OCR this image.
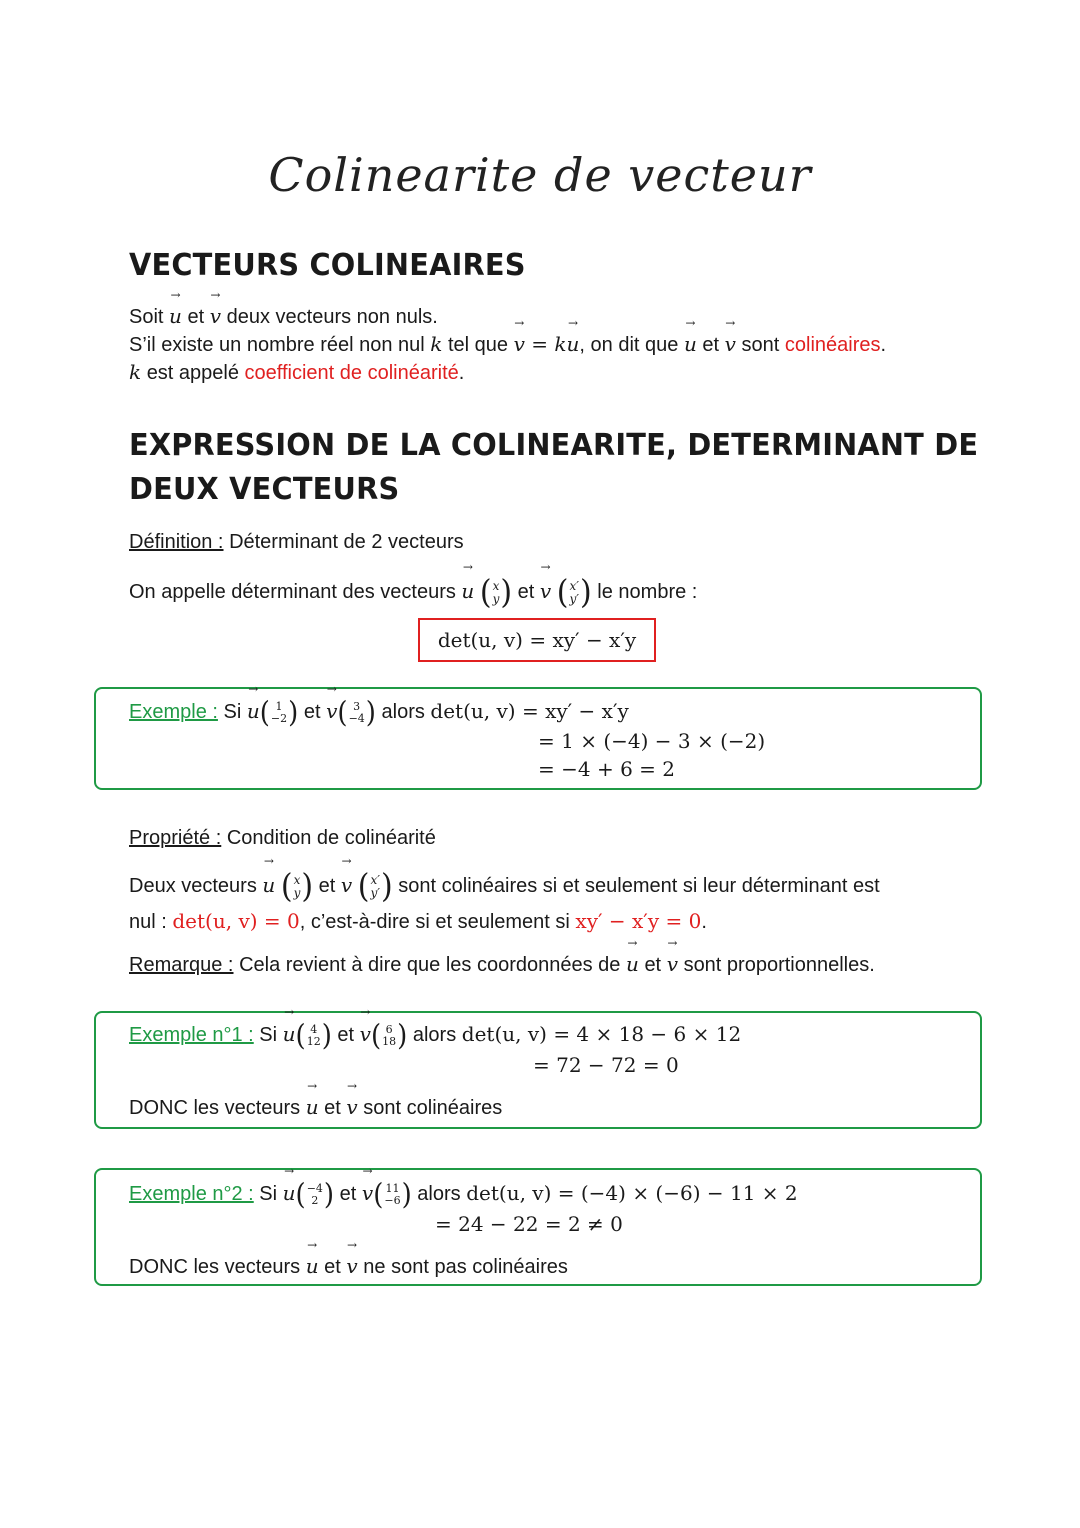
Colinearite de vecteur
VECTEURS COLINEAIRES
Soit → u et → v deux vecteurs non nuls.
S’il existe un nombre réel non nul k tel que → v = k→ u, on dit que → u et → v sont colinéaires.
k est appelé coefficient de colinéarité.
EXPRESSION DE LA COLINEARITE, DETERMINANT DE
DEUX VECTEURS
Définition : Déterminant de 2 vecteurs
On appelle déterminant des vecteurs → u ( x
y ) et → v ( x′
y′ ) le nombre :
det(u, v) = xy′ − x′y
Exemple : Si → u ( 1
−2 ) et → v ( 3
−4 ) alors det(u, v) = xy′ − x′y
= 1 × (−4) − 3 × (−2)
= −4 + 6 = 2
Propriété : Condition de colinéarité
Deux vecteurs → u ( x
y ) et → v ( x′
y′ ) sont colinéaires si et seulement si leur déterminant est
nul : det(u, v) = 0, c’est-à-dire si et seulement si xy′ − x′y = 0.
Remarque : Cela revient à dire que les coordonnées de → u et → v sont proportionnelles.
Exemple n°1 : Si → u ( 4
12 ) et → v ( 6
18 ) alors det(u, v) = 4 × 18 − 6 × 12
= 72 − 72 = 0
DONC les vecteurs → u et → v sont colinéaires
Exemple n°2 : Si → u ( −4
2 ) et → v ( 11
−6 ) alors det(u, v) = (−4) × (−6) − 11 × 2
= 24 − 22 = 2 ≠ 0
DONC les vecteurs → u et → v ne sont pas colinéaires
